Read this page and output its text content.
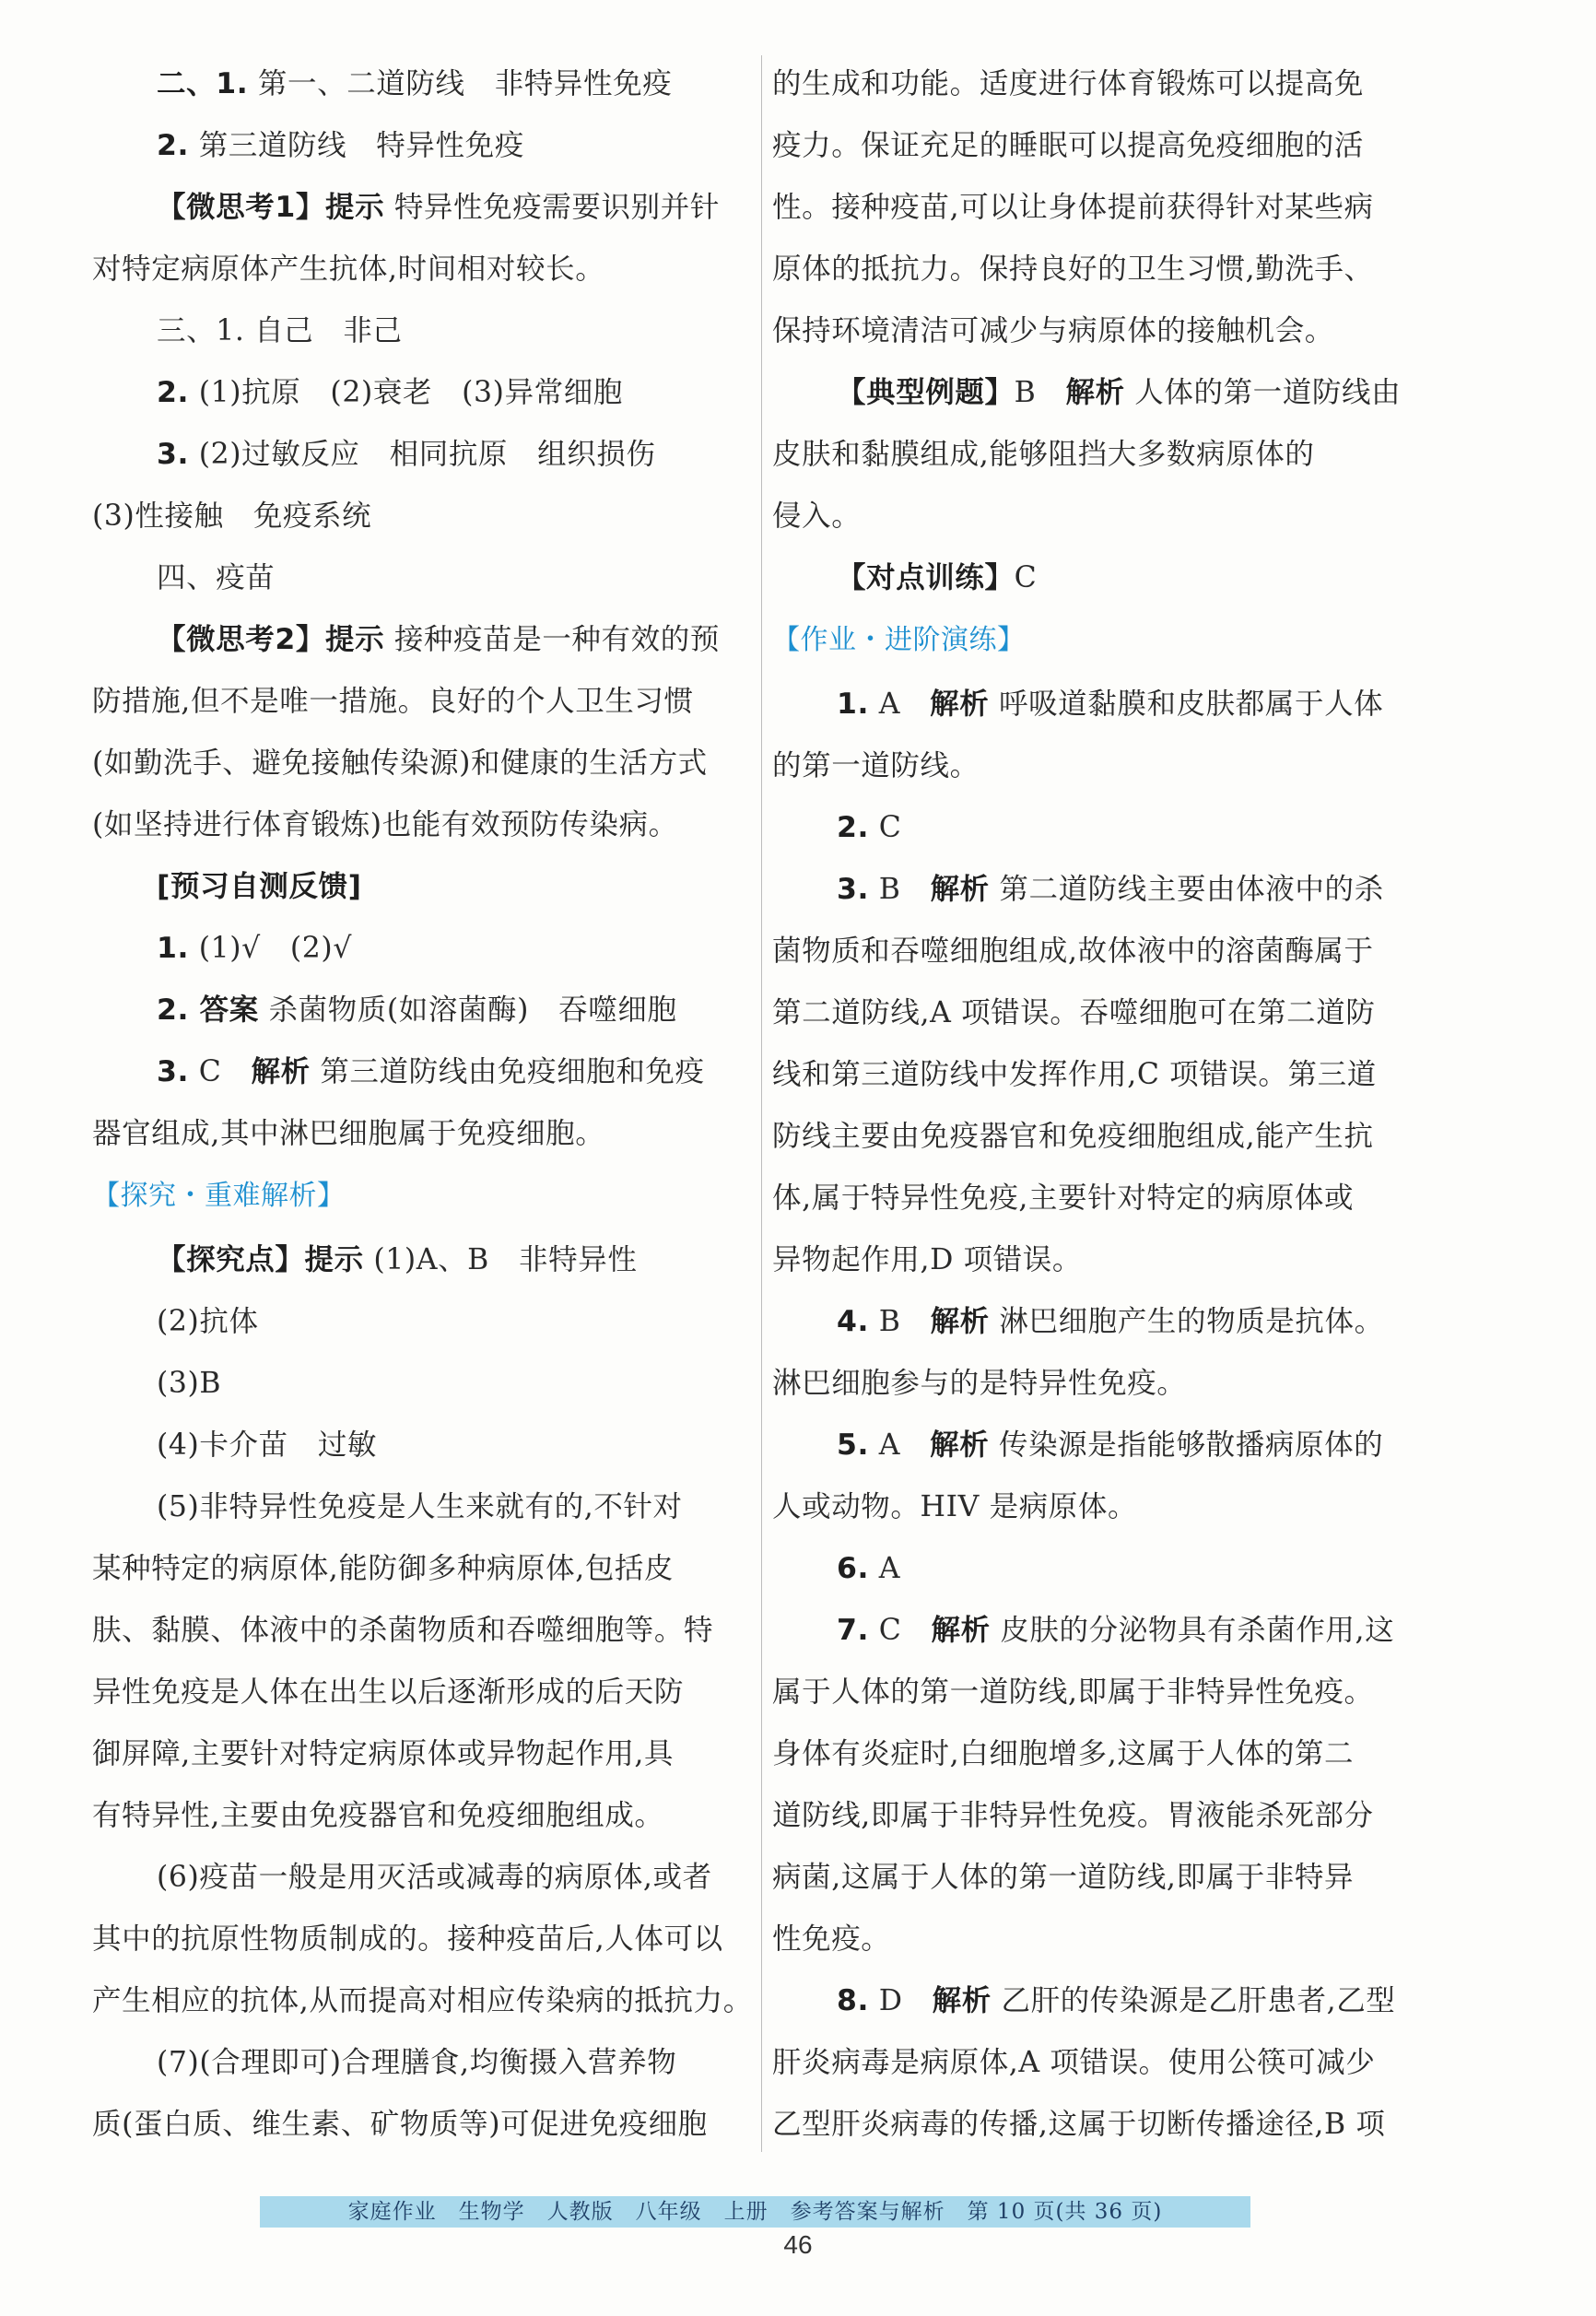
二、1. 第一、二道防线　非特异性免疫
2. 第三道防线　特异性免疫
【微思考1】提示 特异性免疫需要识别并针
对特定病原体产生抗体,时间相对较长。
三、1. 自己　非己
2. (1)抗原　(2)衰老　(3)异常细胞
3. (2)过敏反应　相同抗原　组织损伤
(3)性接触　免疫系统
四、疫苗
【微思考2】提示 接种疫苗是一种有效的预
防措施,但不是唯一措施。良好的个人卫生习惯
(如勤洗手、避免接触传染源)和健康的生活方式
(如坚持进行体育锻炼)也能有效预防传染病。
[预习自测反馈]
1. (1)√　(2)√
2. 答案 杀菌物质(如溶菌酶)　吞噬细胞
3. C　解析 第三道防线由免疫细胞和免疫
器官组成,其中淋巴细胞属于免疫细胞。
【探究・重难解析】
【探究点】提示 (1)A、B　非特异性
(2)抗体
(3)B
(4)卡介苗　过敏
(5)非特异性免疫是人生来就有的,不针对
某种特定的病原体,能防御多种病原体,包括皮
肤、黏膜、体液中的杀菌物质和吞噬细胞等。特
异性免疫是人体在出生以后逐渐形成的后天防
御屏障,主要针对特定病原体或异物起作用,具
有特异性,主要由免疫器官和免疫细胞组成。
(6)疫苗一般是用灭活或减毒的病原体,或者
其中的抗原性物质制成的。接种疫苗后,人体可以
产生相应的抗体,从而提高对相应传染病的抵抗力。
(7)(合理即可)合理膳食,均衡摄入营养物
质(蛋白质、维生素、矿物质等)可促进免疫细胞
的生成和功能。适度进行体育锻炼可以提高免
疫力。保证充足的睡眠可以提高免疫细胞的活
性。接种疫苗,可以让身体提前获得针对某些病
原体的抵抗力。保持良好的卫生习惯,勤洗手、
保持环境清洁可减少与病原体的接触机会。
【典型例题】B　解析 人体的第一道防线由
皮肤和黏膜组成,能够阻挡大多数病原体的
侵入。
【对点训练】C
【作业・进阶演练】
1. A　解析 呼吸道黏膜和皮肤都属于人体
的第一道防线。
2. C
3. B　解析 第二道防线主要由体液中的杀
菌物质和吞噬细胞组成,故体液中的溶菌酶属于
第二道防线,A 项错误。吞噬细胞可在第二道防
线和第三道防线中发挥作用,C 项错误。第三道
防线主要由免疫器官和免疫细胞组成,能产生抗
体,属于特异性免疫,主要针对特定的病原体或
异物起作用,D 项错误。
4. B　解析 淋巴细胞产生的物质是抗体。
淋巴细胞参与的是特异性免疫。
5. A　解析 传染源是指能够散播病原体的
人或动物。HIV 是病原体。
6. A
7. C　解析 皮肤的分泌物具有杀菌作用,这
属于人体的第一道防线,即属于非特异性免疫。
身体有炎症时,白细胞增多,这属于人体的第二
道防线,即属于非特异性免疫。胃液能杀死部分
病菌,这属于人体的第一道防线,即属于非特异
性免疫。
8. D　解析 乙肝的传染源是乙肝患者,乙型
肝炎病毒是病原体,A 项错误。使用公筷可减少
乙型肝炎病毒的传播,这属于切断传播途径,B 项
家庭作业　生物学　人教版　八年级　上册　参考答案与解析　第 10 页(共 36 页)
46
